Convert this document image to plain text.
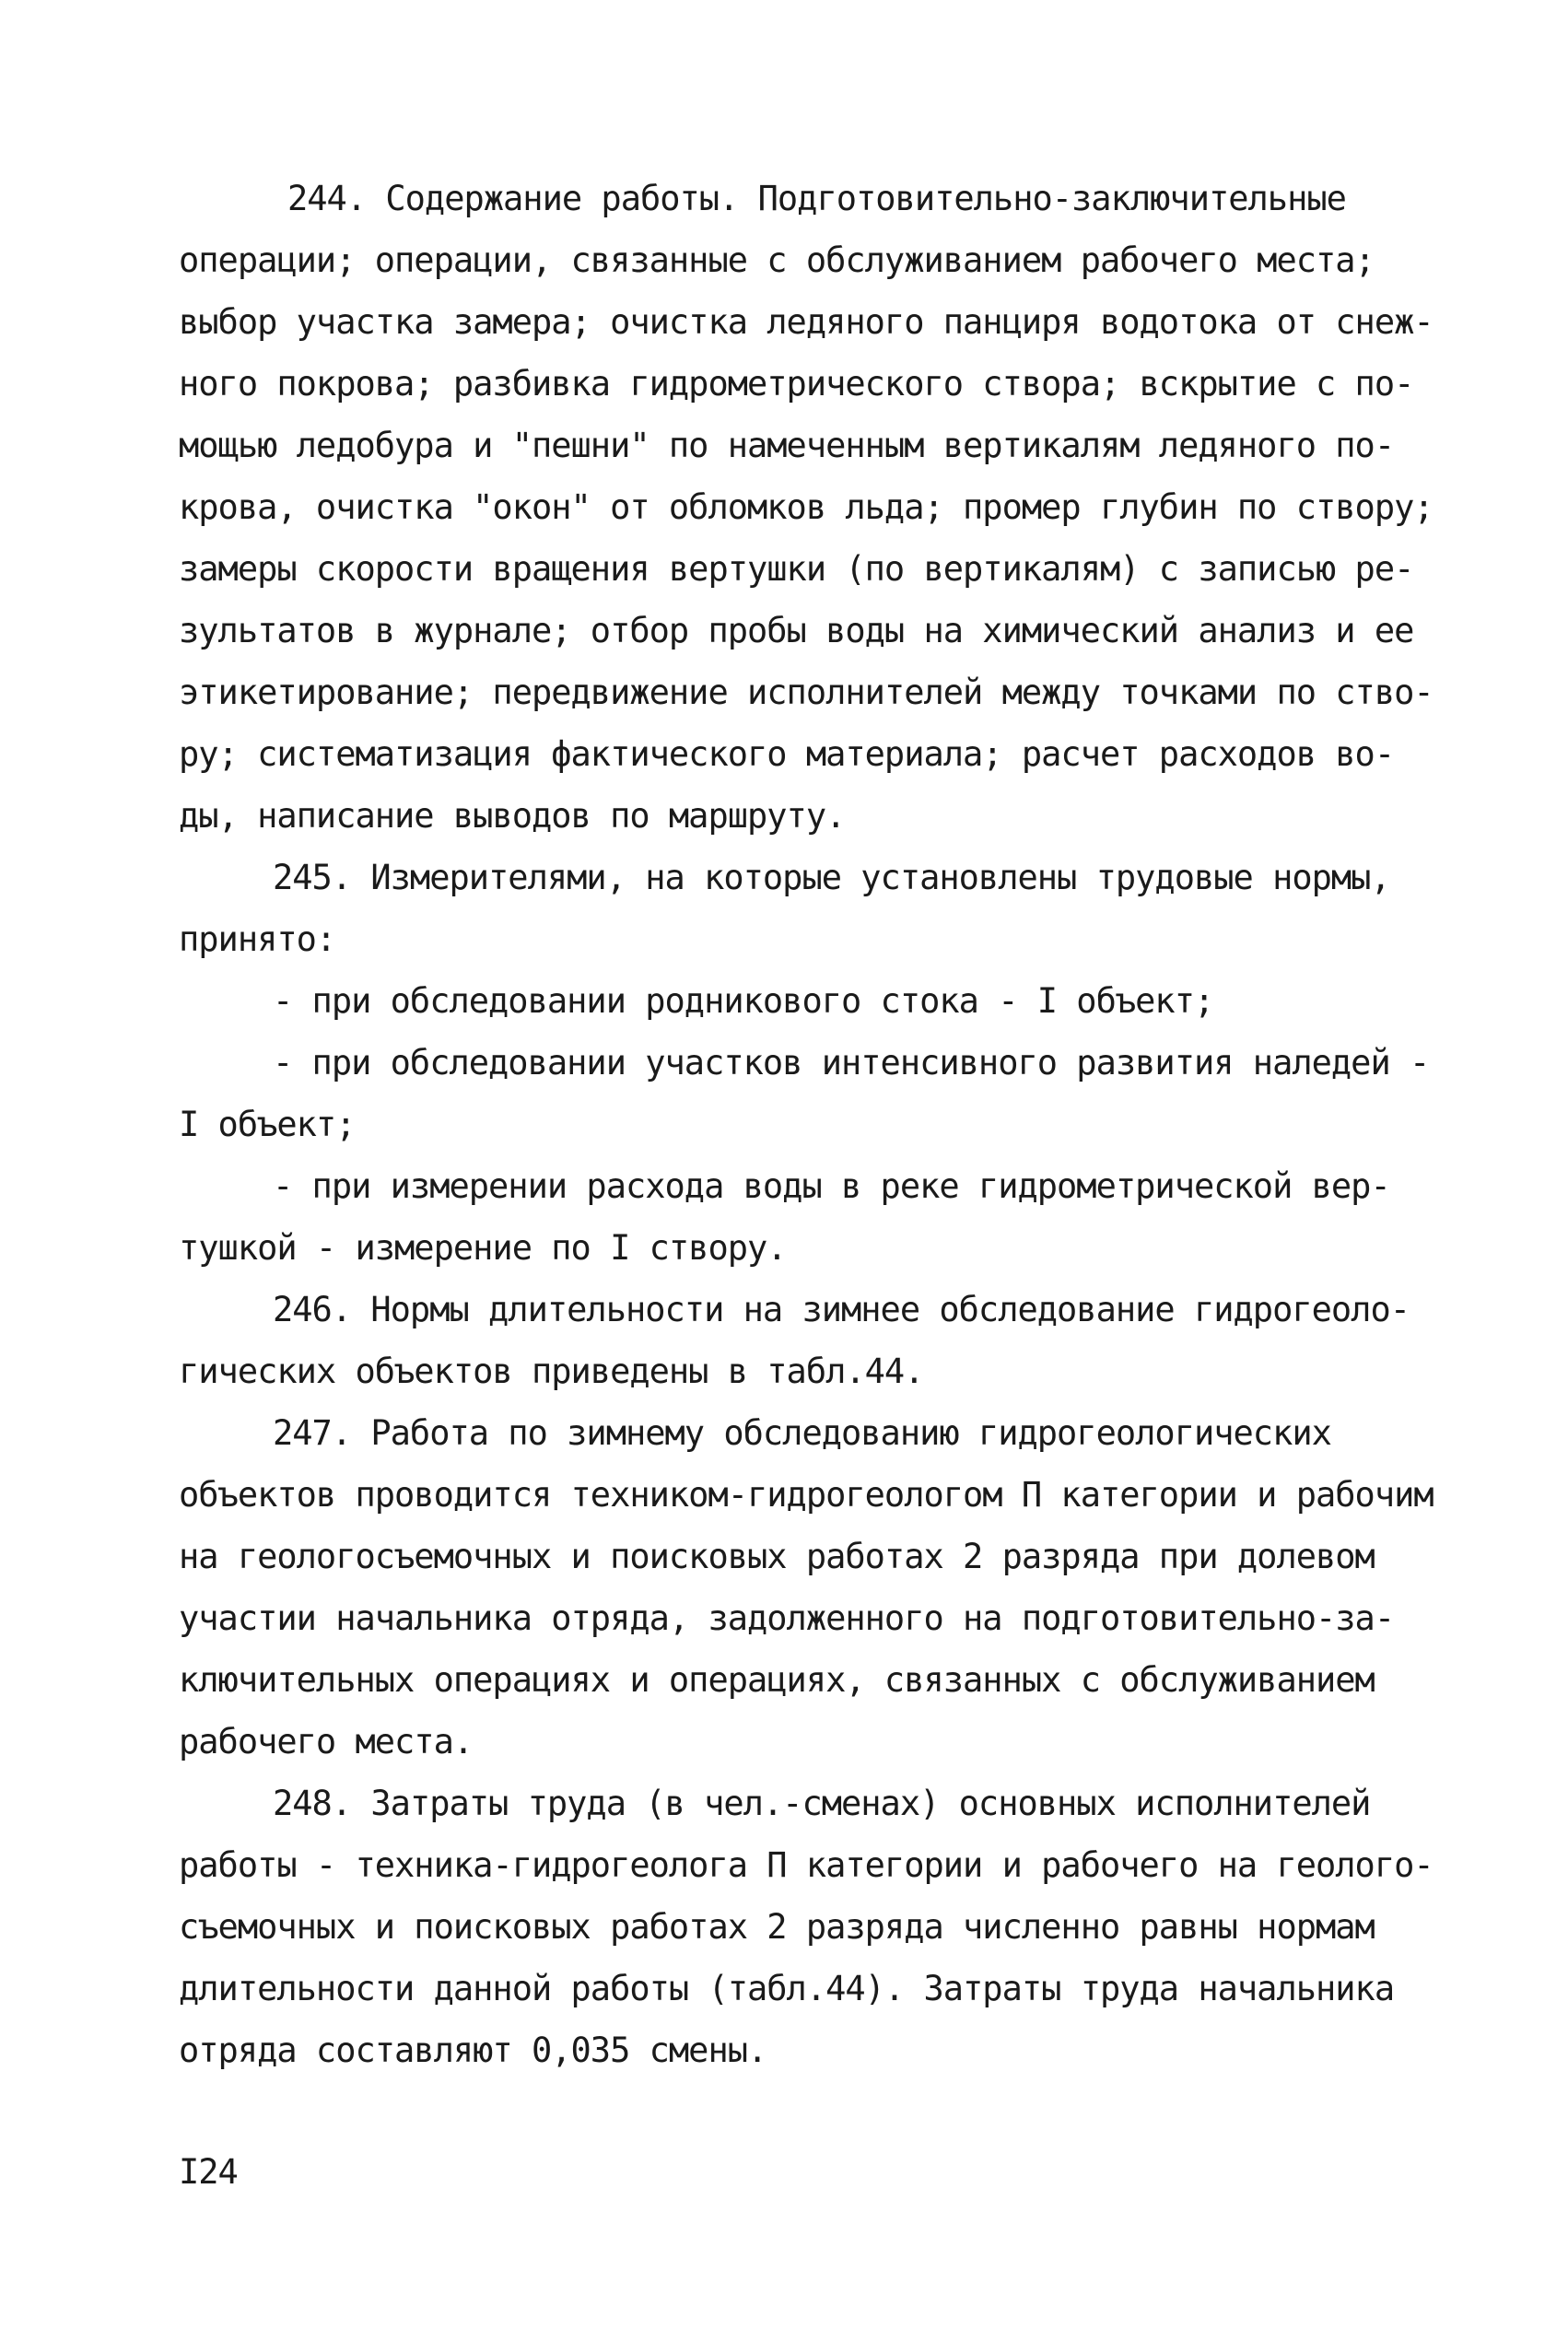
244. Содержание работы. Подготовительно-заключительные
операции; операции, связанные с обслуживанием рабочего места;
выбор участка замера; очистка ледяного панциря водотока от снеж-
ного покрова; разбивка гидрометрического створа; вскрытие с по-
мощью ледобура и "пешни" по намеченным вертикалям ледяного по-
крова, очистка "окон" от обломков льда; промер глубин по створу;
замеры скорости вращения вертушки (по вертикалям) с записью ре-
зультатов в журнале; отбор пробы воды на химический анализ и ее
этикетирование; передвижение исполнителей между точками по ство-
ру; систематизация фактического материала; расчет расходов во-
ды, написание выводов по маршруту.
245. Измерителями, на которые установлены трудовые нормы,
принято:
- при обследовании родникового стока - I объект;
- при обследовании участков интенсивного развития наледей -
I объект;
- при измерении расхода воды в реке гидрометрической вер-
тушкой - измерение по I створу.
246. Нормы длительности на зимнее обследование гидрогеоло-
гических объектов приведены в табл.44.
247. Работа по зимнему обследованию гидрогеологических
объектов проводится техником-гидрогеологом П категории и рабочим
на геологосъемочных и поисковых работах 2 разряда при долевом
участии начальника отряда, задолженного на подготовительно-за-
ключительных операциях и операциях, связанных с обслуживанием
рабочего места.
248. Затраты труда (в чел.-сменах) основных исполнителей
работы - техника-гидрогеолога П категории и рабочего на геолого-
съемочных и поисковых работах 2 разряда численно равны нормам
длительности данной работы (табл.44). Затраты труда начальника
отряда составляют 0,035 смены.
I24
